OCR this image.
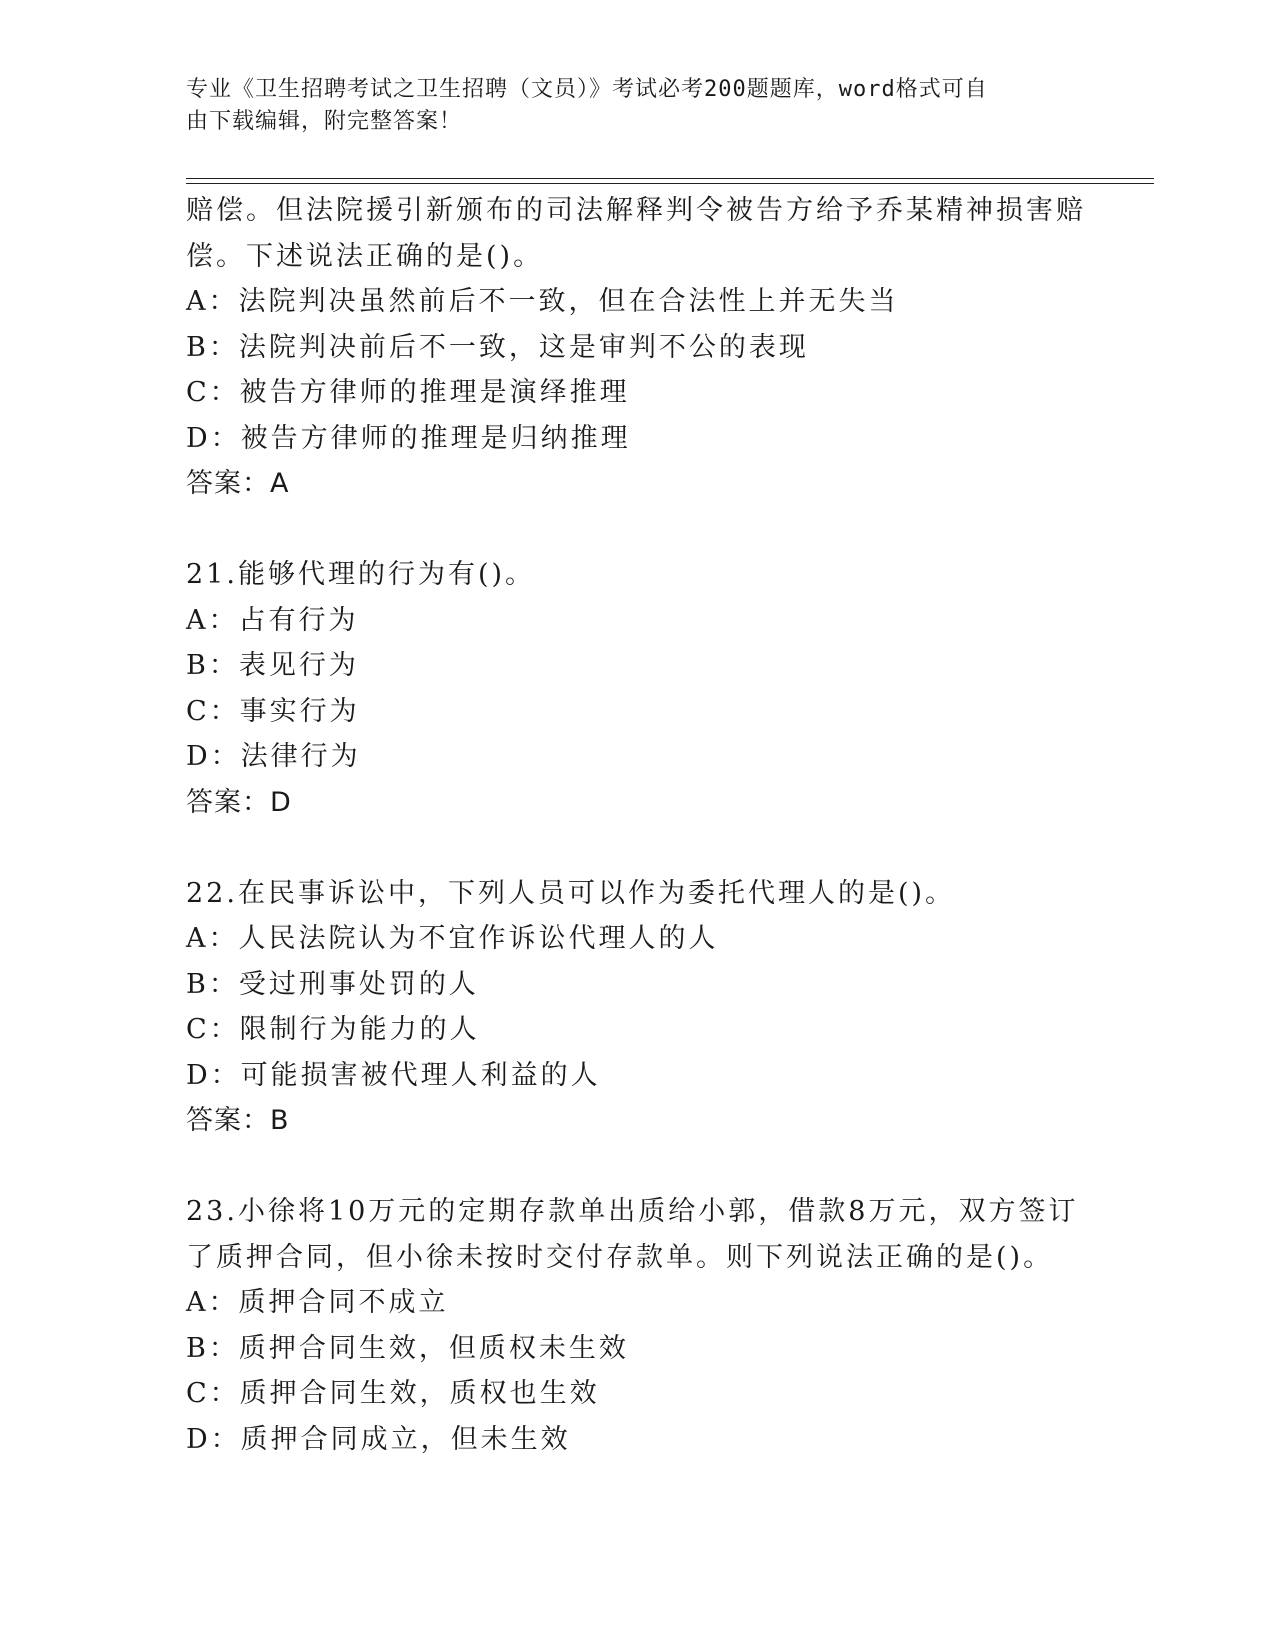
专业《卫生招聘考试之卫生招聘（文员）》考试必考200题题库，word格式可自
由下载编辑，附完整答案！
赔偿。但法院援引新颁布的司法解释判令被告方给予乔某精神损害赔
偿。下述说法正确的是()。
A：法院判决虽然前后不一致，但在合法性上并无失当
B：法院判决前后不一致，这是审判不公的表现
C：被告方律师的推理是演绎推理
D：被告方律师的推理是归纳推理
答案：A
21.能够代理的行为有()。
A：占有行为
B：表见行为
C：事实行为
D：法律行为
答案：D
22.在民事诉讼中，下列人员可以作为委托代理人的是()。
A：人民法院认为不宜作诉讼代理人的人
B：受过刑事处罚的人
C：限制行为能力的人
D：可能损害被代理人利益的人
答案：B
23.小徐将10万元的定期存款单出质给小郭，借款8万元，双方签订
了质押合同，但小徐未按时交付存款单。则下列说法正确的是()。
A：质押合同不成立
B：质押合同生效，但质权未生效
C：质押合同生效，质权也生效
D：质押合同成立，但未生效
